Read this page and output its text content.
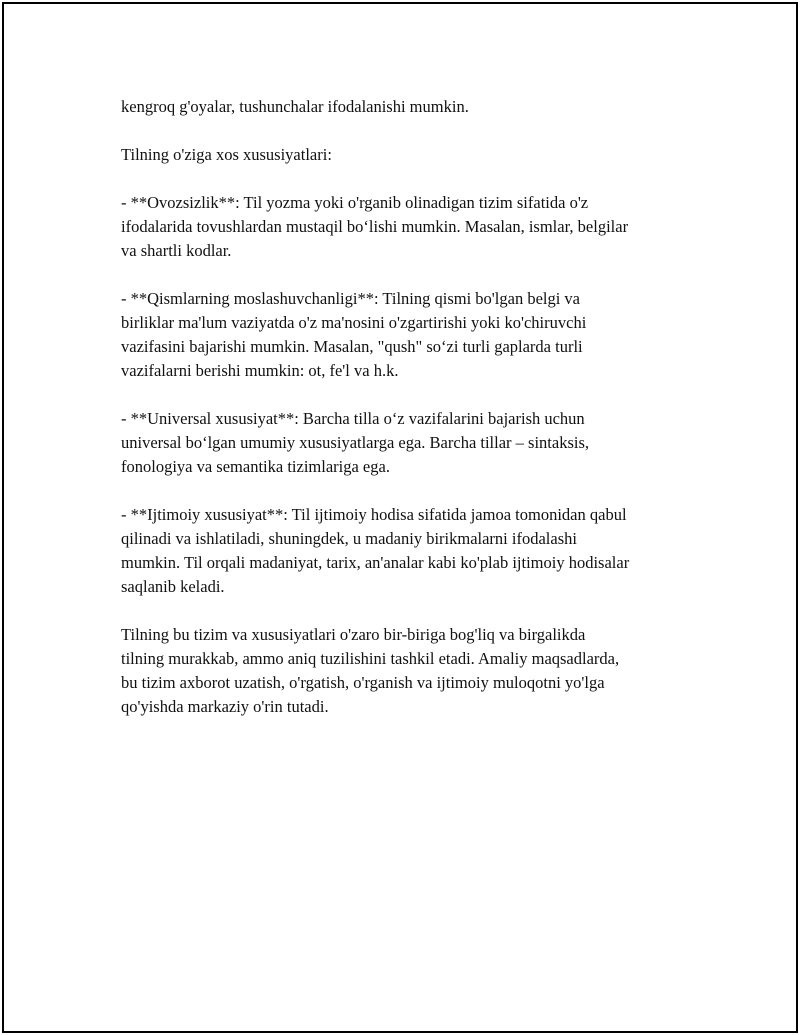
kengroq g'oyalar, tushunchalar ifodalanishi mumkin.

Tilning o'ziga xos xususiyatlari:

- **Ovozsizlik**: Til yozma yoki o'rganib olinadigan tizim sifatida o'z
ifodalarida tovushlardan mustaqil bo‘lishi mumkin. Masalan, ismlar, belgilar
va shartli kodlar.

- **Qismlarning moslashuvchanligi**: Tilning qismi bo'lgan belgi va
birliklar ma'lum vaziyatda o'z ma'nosini o'zgartirishi yoki ko'chiruvchi
vazifasini bajarishi mumkin. Masalan, "qush" so‘zi turli gaplarda turli
vazifalarni berishi mumkin: ot, fe'l va h.k.

- **Universal xususiyat**: Barcha tilla o‘z vazifalarini bajarish uchun
universal bo‘lgan umumiy xususiyatlarga ega. Barcha tillar – sintaksis,
fonologiya va semantika tizimlariga ega.

- **Ijtimoiy xususiyat**: Til ijtimoiy hodisa sifatida jamoa tomonidan qabul
qilinadi va ishlatiladi, shuningdek, u madaniy birikmalarni ifodalashi
mumkin. Til orqali madaniyat, tarix, an'analar kabi ko'plab ijtimoiy hodisalar
saqlanib keladi.

Tilning bu tizim va xususiyatlari o'zaro bir-biriga bog'liq va birgalikda
tilning murakkab, ammo aniq tuzilishini tashkil etadi. Amaliy maqsadlarda,
bu tizim axborot uzatish, o'rgatish, o'rganish va ijtimoiy muloqotni yo'lga
qo'yishda markaziy o'rin tutadi.
